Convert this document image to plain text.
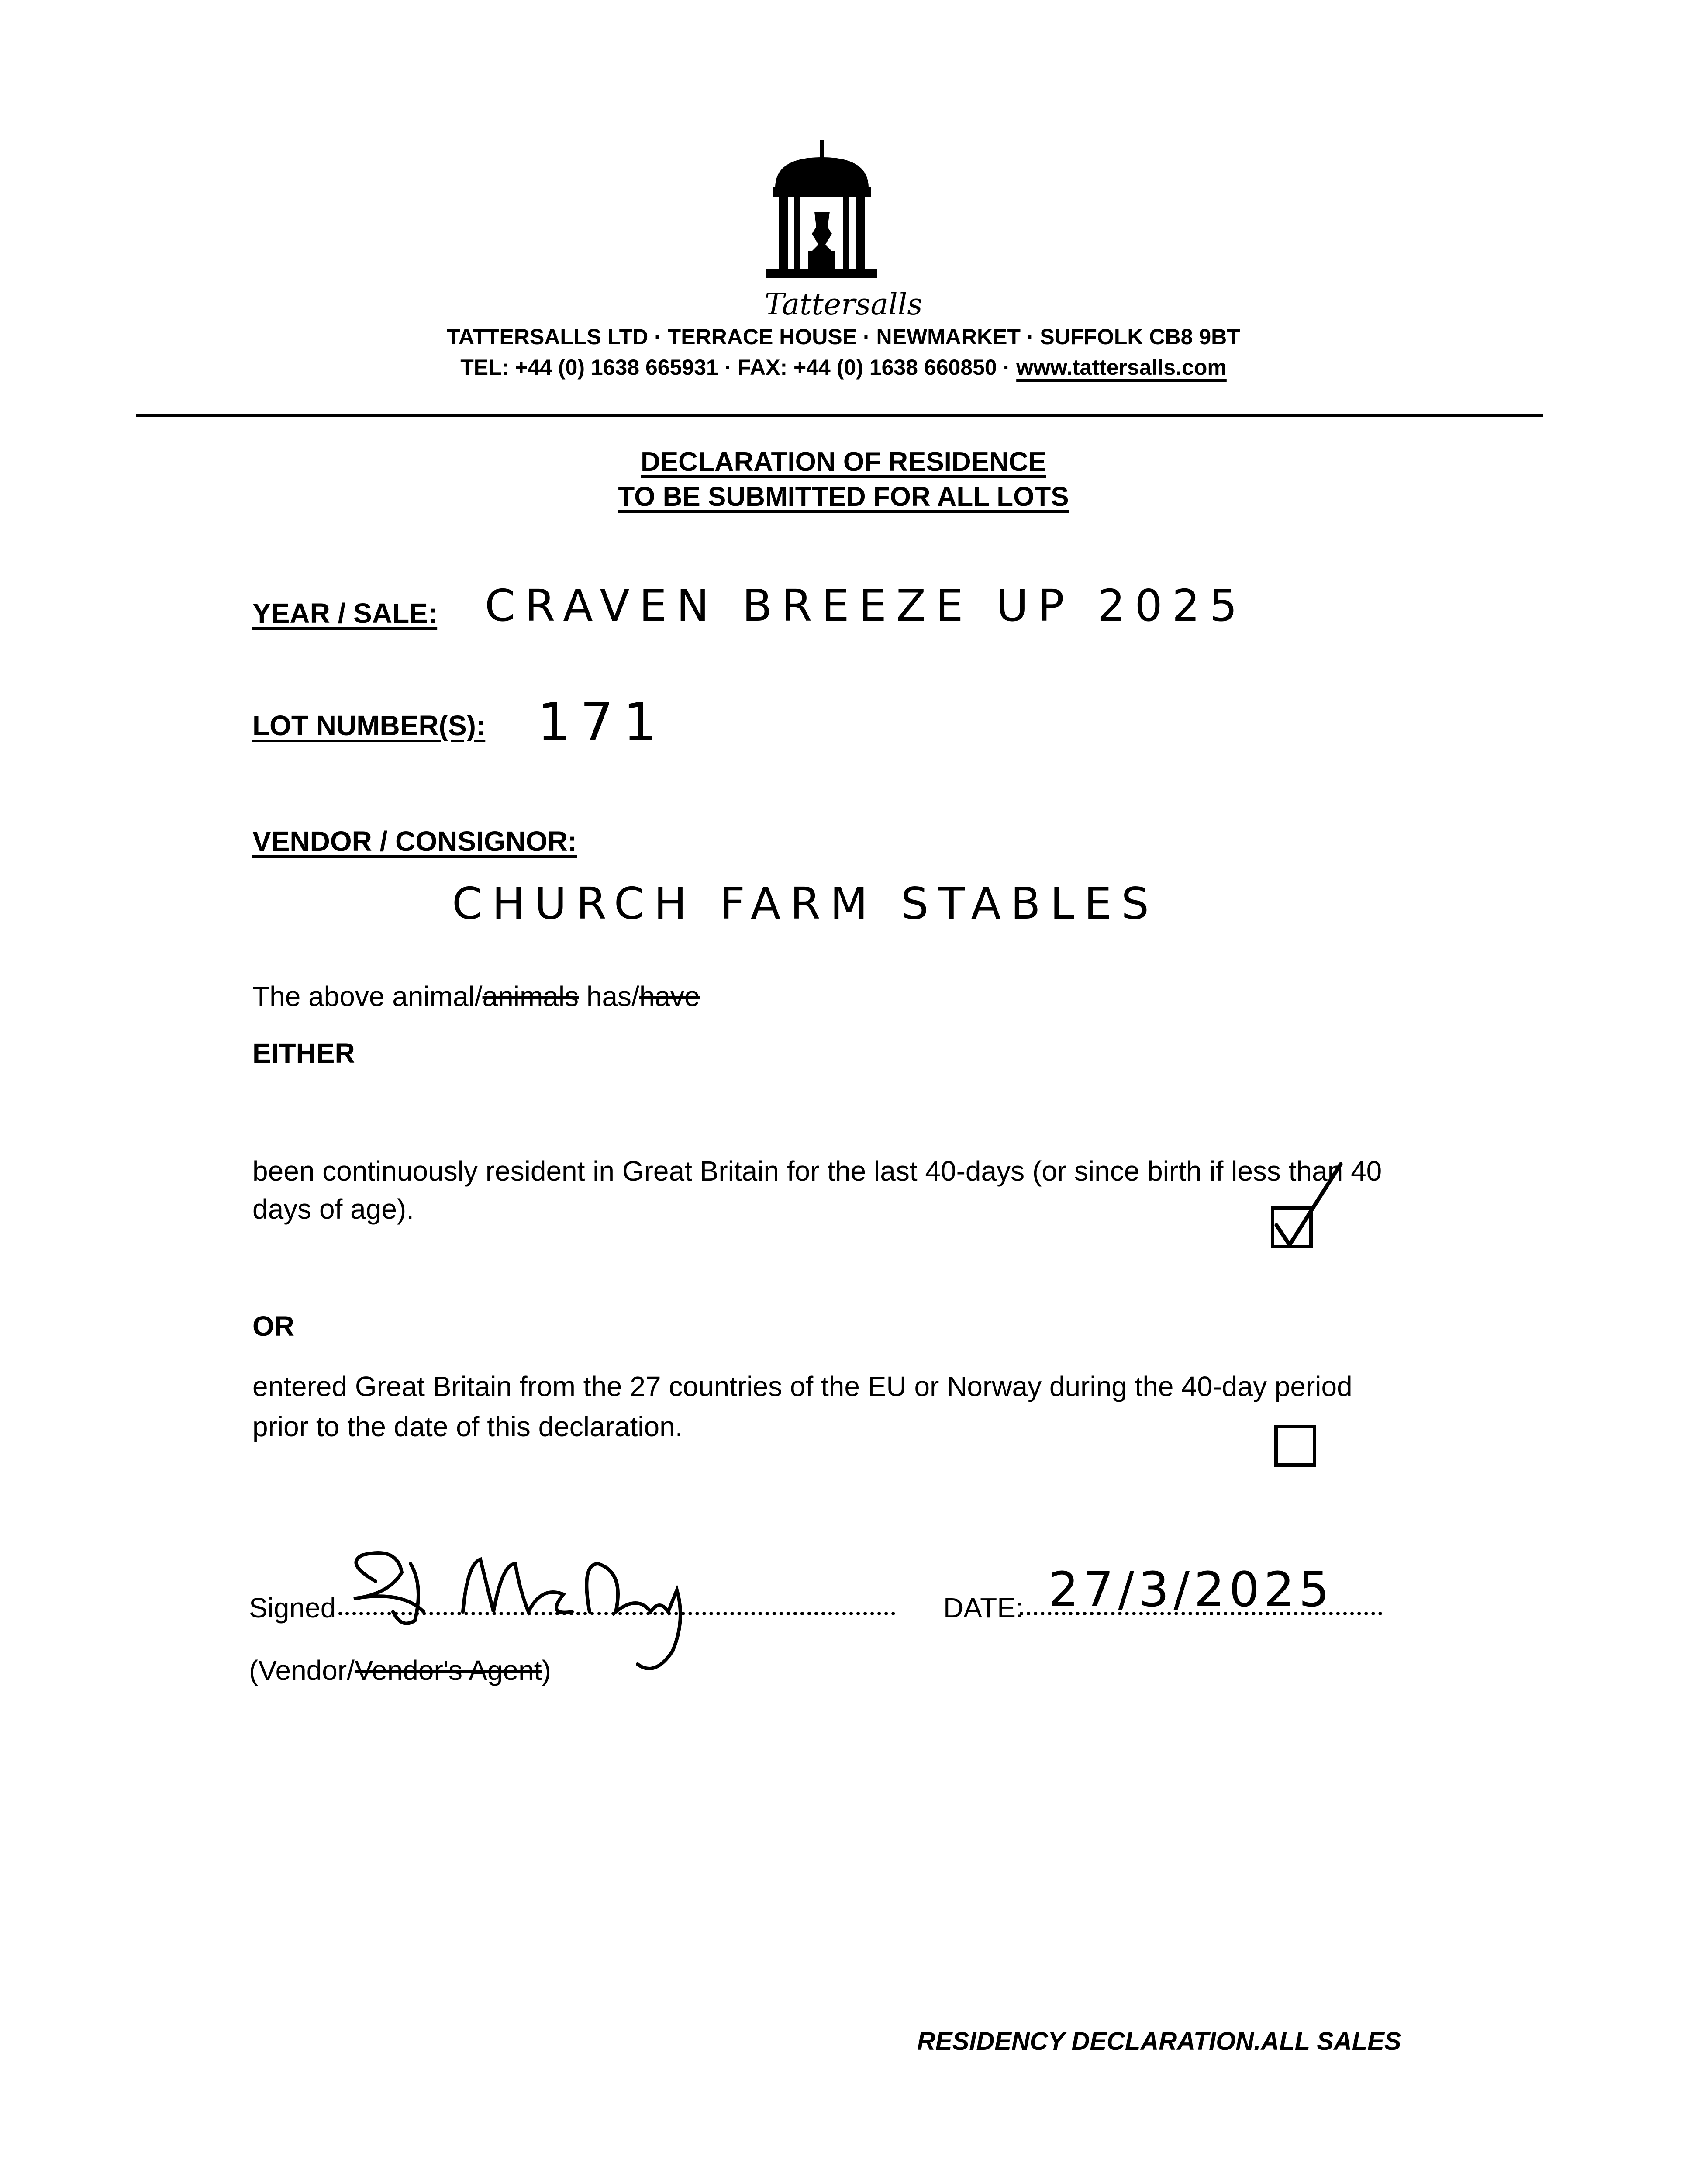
Tattersalls
TATTERSALLS LTD · TERRACE HOUSE · NEWMARKET · SUFFOLK CB8 9BT
TEL: +44 (0) 1638 665931 · FAX: +44 (0) 1638 660850 · www.tattersalls.com
DECLARATION OF RESIDENCE
TO BE SUBMITTED FOR ALL LOTS
YEAR / SALE: CRAVEN BREEZE UP 2025
LOT NUMBER(S): 171
VENDOR / CONSIGNOR:
CHURCH FARM STABLES
The above animal/animals has/have
EITHER
been continuously resident in Great Britain for the last 40-days (or since birth if less than 40
days of age).
OR
entered Great Britain from the 27 countries of the EU or Norway during the 40-day period
prior to the date of this declaration.
Signed	DATE: 27/3/2025
(Vendor/Vendor's Agent)
RESIDENCY DECLARATION.ALL SALES
